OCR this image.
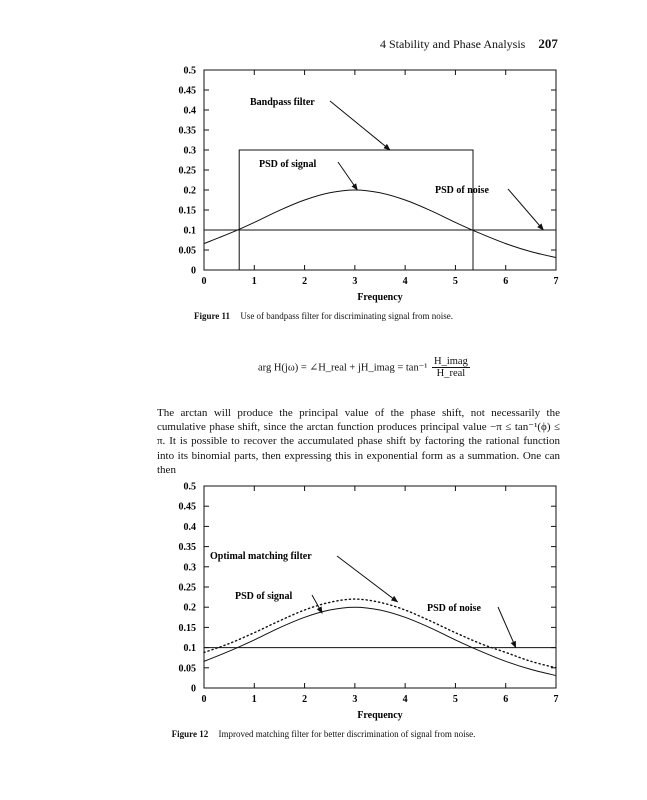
4 Stability and Phase Analysis 207
0	1	2	3	4	5	6	7
0
0.05
0.1
0.15
0.2
0.25
0.3
0.35
0.4
0.45
0.5
Frequency
Bandpass filter
PSD of signal
PSD of noise
Figure 11 Use of bandpass filter for discriminating signal from noise.
arg H(jω) = ∠H_real + jH_imag = $\tan^{-1} \frac{\text{H\_imag}}{\text{H\_real}}$

The arctan will produce the principal value of the phase shift, not necessarily the cumulative phase shift, since the arctan function produces principal value −π ≤ tan⁻¹(ϕ) ≤ π. It is possible to recover the accumulated phase shift by factoring the rational function into its binomial parts, then expressing this in exponential form as a summation. One can then

0	1	2	3	4	5	6	7
0
0.05
0.1
0.15
0.2
0.25
0.3
0.35
0.4
0.45
0.5
Frequency
Optimal matching filter
PSD of signal
PSD of noise
Figure 12 Improved matching filter for better discrimination of signal from noise.
